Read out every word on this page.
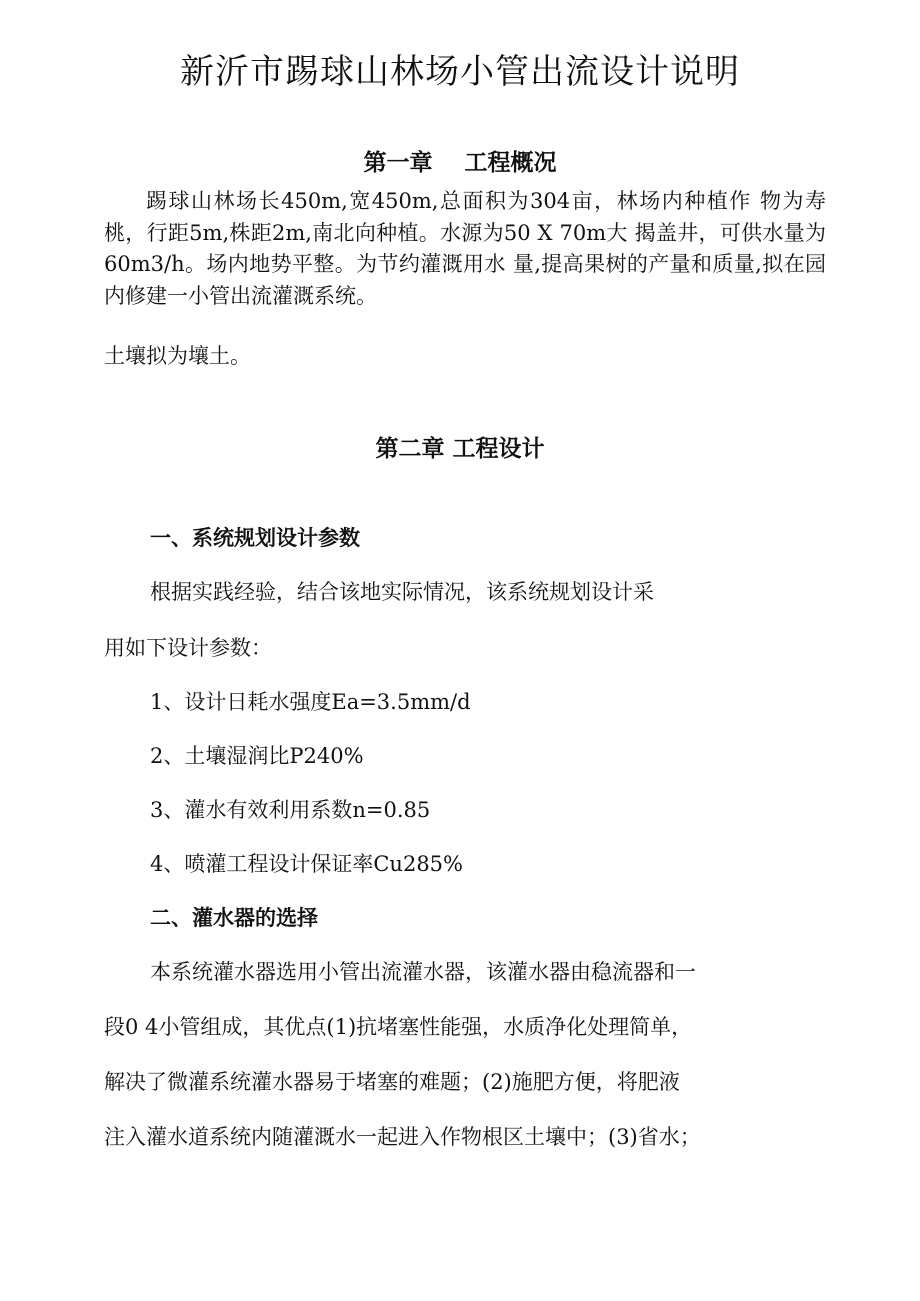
新沂市踢球山林场小管出流设计说明
第一章    工程概况

踢球山林场长450m,宽450m,总面积为304亩，林场内种植作 物为寿桃，行距5m,株距2m,南北向种植。水源为50 X 70m大 揭盖井，可供水量为60m3/h。场内地势平整。为节约灌溉用水 量,提高果树的产量和质量,拟在园内修建一小管出流灌溉系统。

土壤拟为壤土。

第二章 工程设计
一、系统规划设计参数

根据实践经验，结合该地实际情况，该系统规划设计采

用如下设计参数：

1、设计日耗水强度Ea=3.5mm/d

2、土壤湿润比P240%

3、灌水有效利用系数n=0.85

4、喷灌工程设计保证率Cu285%

二、灌水器的选择

本系统灌水器选用小管出流灌水器，该灌水器由稳流器和一

段0 4小管组成，其优点(1)抗堵塞性能强，水质净化处理简单，

解决了微灌系统灌水器易于堵塞的难题；(2)施肥方便，将肥液

注入灌水道系统内随灌溉水一起进入作物根区土壤中；(3)省水；
